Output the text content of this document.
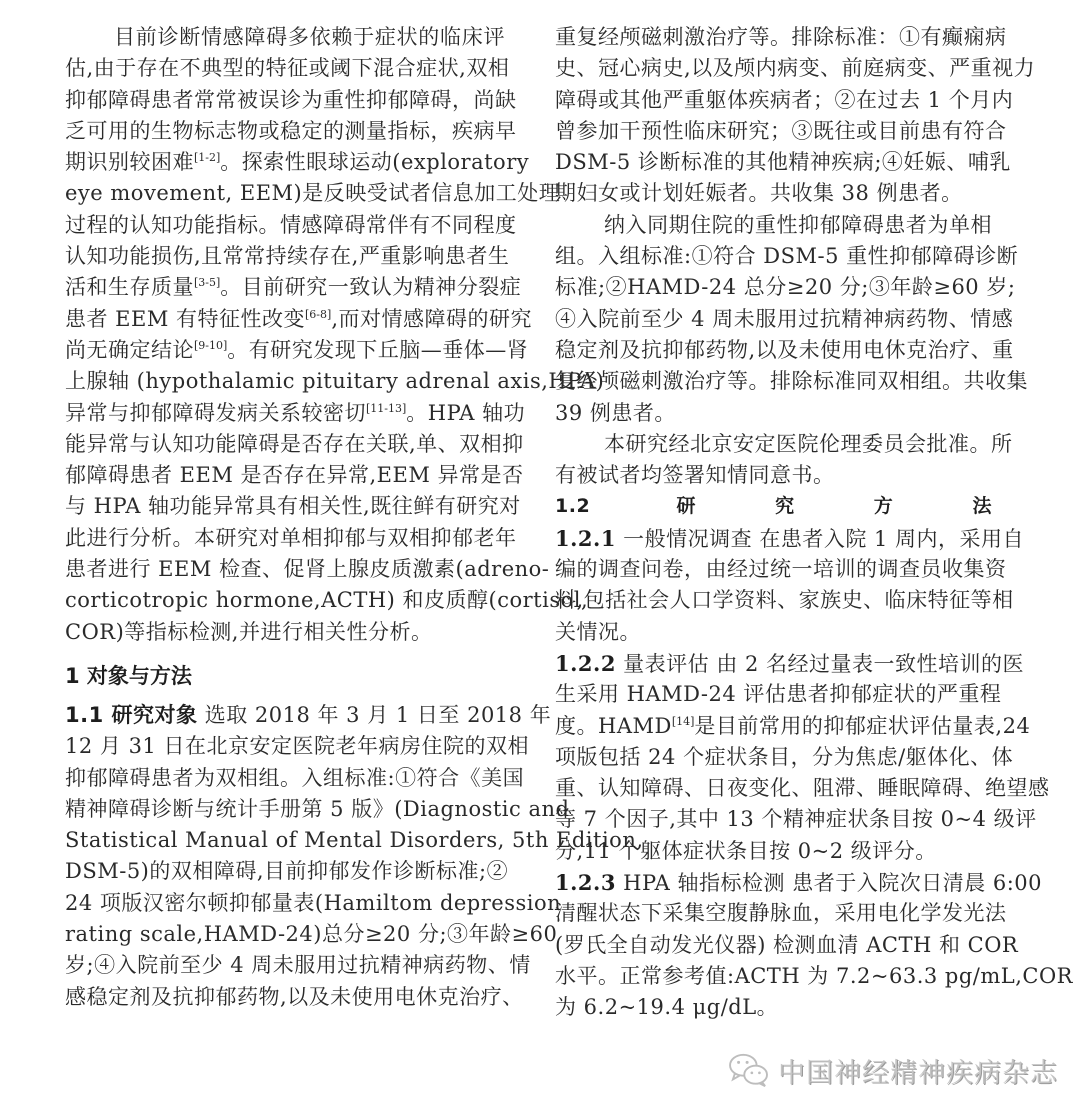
目前诊断情感障碍多依赖于症状的临床评
估,由于存在不典型的特征或阈下混合症状,双相
抑郁障碍患者常常被误诊为重性抑郁障碍，尚缺
乏可用的生物标志物或稳定的测量指标，疾病早
期识别较困难[1-2]。探索性眼球运动(exploratory
eye movement, EEM)是反映受试者信息加工处理
过程的认知功能指标。情感障碍常伴有不同程度
认知功能损伤,且常常持续存在,严重影响患者生
活和生存质量[3-5]。目前研究一致认为精神分裂症
患者 EEM 有特征性改变[6-8],而对情感障碍的研究
尚无确定结论[9-10]。有研究发现下丘脑—垂体—肾
上腺轴 (hypothalamic pituitary adrenal axis,HPA)
异常与抑郁障碍发病关系较密切[11-13]。HPA 轴功
能异常与认知功能障碍是否存在关联,单、双相抑
郁障碍患者 EEM 是否存在异常,EEM 异常是否
与 HPA 轴功能异常具有相关性,既往鲜有研究对
此进行分析。本研究对单相抑郁与双相抑郁老年
患者进行 EEM 检查、促肾上腺皮质激素(adreno-
corticotropic hormone,ACTH) 和皮质醇(cortisol,
COR)等指标检测,并进行相关性分析。
1 对象与方法
1.1 研究对象 选取 2018 年 3 月 1 日至 2018 年
12 月 31 日在北京安定医院老年病房住院的双相
抑郁障碍患者为双相组。入组标准:①符合《美国
精神障碍诊断与统计手册第 5 版》(Diagnostic and
Statistical Manual of Mental Disorders, 5th Edition,
DSM-5)的双相障碍,目前抑郁发作诊断标准;②
24 项版汉密尔顿抑郁量表(Hamiltom depression
rating scale,HAMD-24)总分≥20 分;③年龄≥60
岁;④入院前至少 4 周未服用过抗精神病药物、情
感稳定剂及抗抑郁药物,以及未使用电休克治疗、
重复经颅磁刺激治疗等。排除标准：①有癫痫病
史、冠心病史,以及颅内病变、前庭病变、严重视力
障碍或其他严重躯体疾病者；②在过去 1 个月内
曾参加干预性临床研究；③既往或目前患有符合
DSM-5 诊断标准的其他精神疾病;④妊娠、哺乳
期妇女或计划妊娠者。共收集 38 例患者。
纳入同期住院的重性抑郁障碍患者为单相
组。入组标准:①符合 DSM-5 重性抑郁障碍诊断
标准;②HAMD-24 总分≥20 分;③年龄≥60 岁;
④入院前至少 4 周未服用过抗精神病药物、情感
稳定剂及抗抑郁药物,以及未使用电休克治疗、重
复经颅磁刺激治疗等。排除标准同双相组。共收集
39 例患者。
本研究经北京安定医院伦理委员会批准。所
有被试者均签署知情同意书。
1.2 研究方法
1.2.1 一般情况调查 在患者入院 1 周内，采用自
编的调查问卷，由经过统一培训的调查员收集资
料,包括社会人口学资料、家族史、临床特征等相
关情况。
1.2.2 量表评估 由 2 名经过量表一致性培训的医
生采用 HAMD-24 评估患者抑郁症状的严重程
度。HAMD[14]是目前常用的抑郁症状评估量表,24
项版包括 24 个症状条目，分为焦虑/躯体化、体
重、认知障碍、日夜变化、阻滞、睡眠障碍、绝望感
等 7 个因子,其中 13 个精神症状条目按 0~4 级评
分,11 个躯体症状条目按 0~2 级评分。
1.2.3 HPA 轴指标检测 患者于入院次日清晨 6:00
清醒状态下采集空腹静脉血，采用电化学发光法
(罗氏全自动发光仪器) 检测血清 ACTH 和 COR
水平。正常参考值:ACTH 为 7.2~63.3 pg/mL,COR
为 6.2~19.4 μg/dL。
中国神经精神疾病杂志
